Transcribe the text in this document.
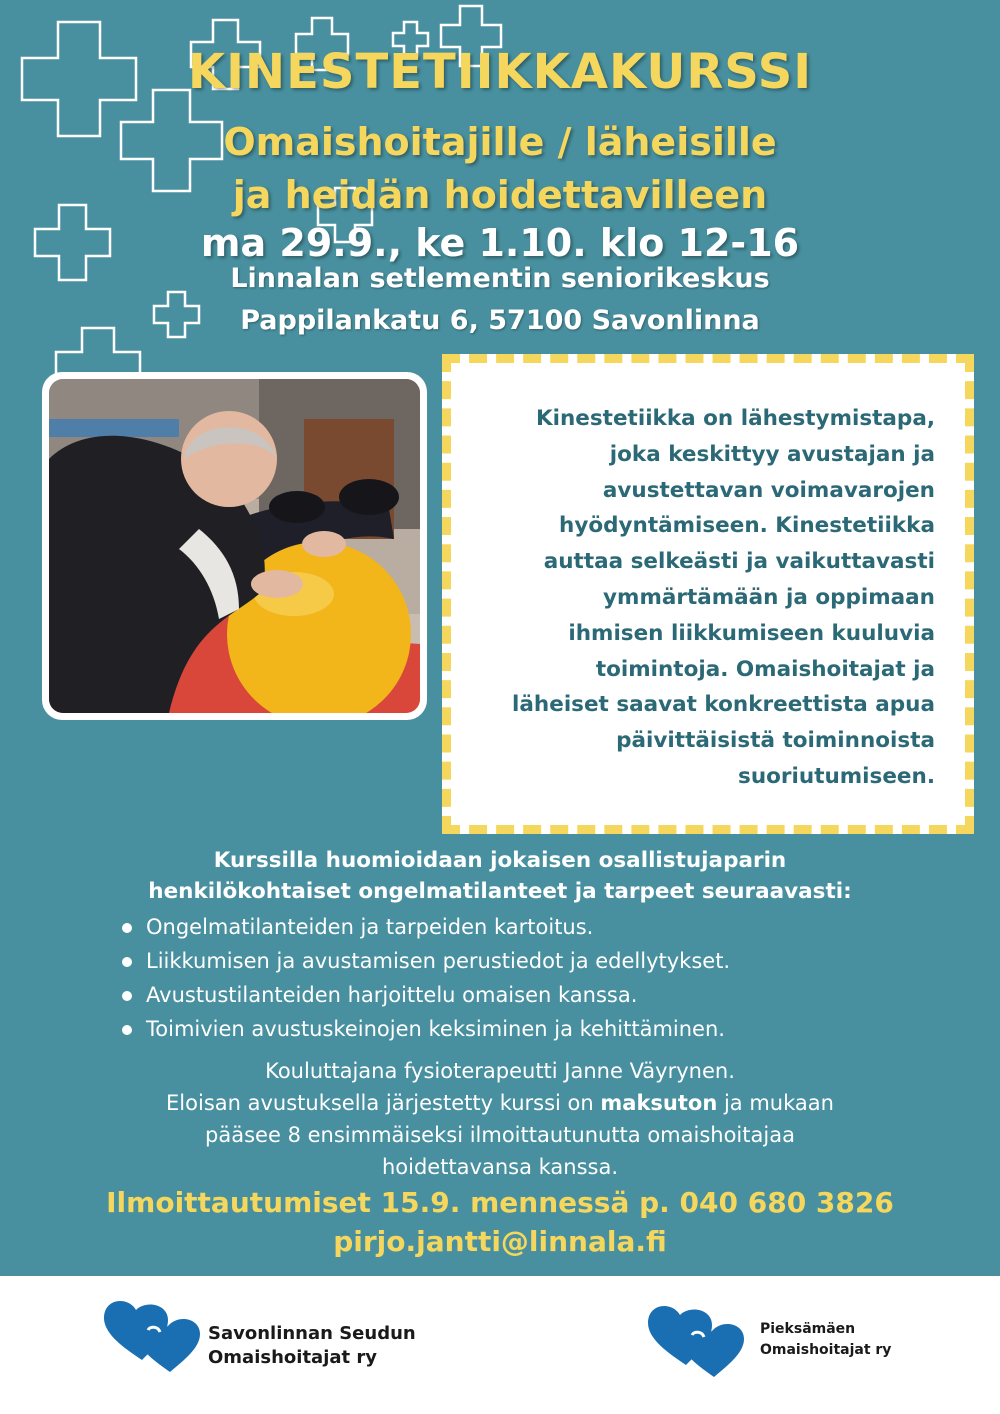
KINESTETIIKKAKURSSI
Omaishoitajille / läheisille
ja heidän hoidettavilleen
ma 29.9., ke 1.10. klo 12-16
Linnalan setlementin seniorikeskus
Pappilankatu 6, 57100 Savonlinna
Kinestetiikka on lähestymistapa,
joka keskittyy avustajan ja
avustettavan voimavarojen
hyödyntämiseen. Kinestetiikka
auttaa selkeästi ja vaikuttavasti
ymmärtämään ja oppimaan
ihmisen liikkumiseen kuuluvia
toimintoja. Omaishoitajat ja
läheiset saavat konkreettista apua
päivittäisistä toiminnoista
suoriutumiseen.
Kurssilla huomioidaan jokaisen osallistujaparin
henkilökohtaiset ongelmatilanteet ja tarpeet seuraavasti:
Ongelmatilanteiden ja tarpeiden kartoitus.
Liikkumisen ja avustamisen perustiedot ja edellytykset.
Avustustilanteiden harjoittelu omaisen kanssa.
Toimivien avustuskeinojen keksiminen ja kehittäminen.
Kouluttajana fysioterapeutti Janne Väyrynen.
Eloisan avustuksella järjestetty kurssi on maksuton ja mukaan
pääsee 8 ensimmäiseksi ilmoittautunutta omaishoitajaa
hoidettavansa kanssa.
Ilmoittautumiset 15.9. mennessä p. 040 680 3826
pirjo.jantti@linnala.fi
Savonlinnan Seudun
Omaishoitajat ry
Pieksämäen
Omaishoitajat ry
